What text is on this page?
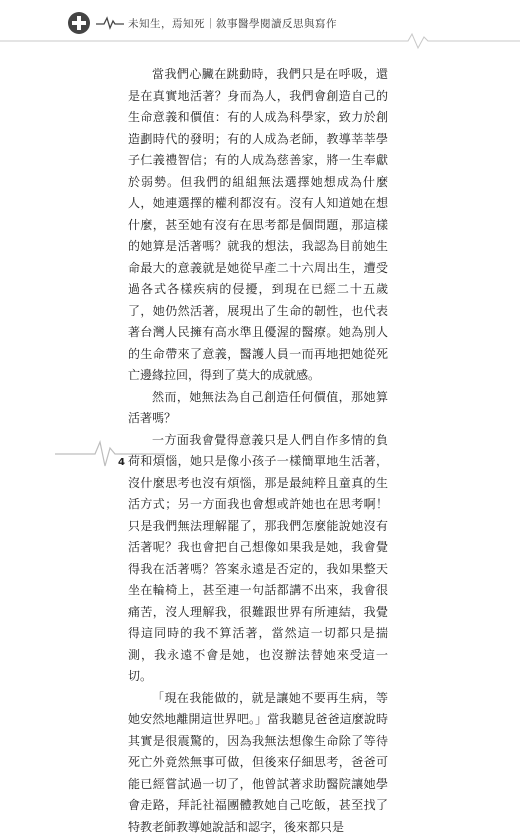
未知生，焉知死｜敘事醫學閱讀反思與寫作

當我們心臟在跳動時，我們只是在呼吸，還是在真實地活著？身而為人，我們會創造自己的生命意義和價值：有的人成為科學家，致力於創造劃時代的發明；有的人成為老師，教導莘莘學子仁義禮智信；有的人成為慈善家，將一生奉獻於弱勢。但我們的組組無法選擇她想成為什麼人，她連選擇的權利都沒有。沒有人知道她在想什麼，甚至她有沒有在思考都是個問題，那這樣的她算是活著嗎？就我的想法，我認為目前她生命最大的意義就是她從早產二十六周出生，遭受過各式各樣疾病的侵擾，到現在已經二十五歲了，她仍然活著，展現出了生命的韌性，也代表著台灣人民擁有高水準且優渥的醫療。她為別人的生命帶來了意義，醫護人員一而再地把她從死亡邊緣拉回，得到了莫大的成就感。

然而，她無法為自己創造任何價值，那她算活著嗎？

一方面我會覺得意義只是人們自作多情的負荷和煩惱，她只是像小孩子一樣簡單地生活著，沒什麼思考也沒有煩惱，那是最純粹且童真的生活方式；另一方面我也會想或許她也在思考啊！只是我們無法理解罷了，那我們怎麼能說她沒有活著呢？我也會把自己想像如果我是她，我會覺得我在活著嗎？答案永遠是否定的，我如果整天坐在輪椅上，甚至連一句話都講不出來，我會很痛苦，沒人理解我，很難跟世界有所連結，我覺得這同時的我不算活著，當然這一切都只是揣測，我永遠不會是她，也沒辦法替她來受這一切。

「現在我能做的，就是讓她不要再生病，等她安然地離開這世界吧。」當我聽見爸爸這麼說時其實是很震驚的，因為我無法想像生命除了等待死亡外竟然無事可做，但後來仔細思考，爸爸可能已經嘗試過一切了，他曾試著求助醫院讓她學會走路，拜託社福團體教她自己吃飯，甚至找了特教老師教導她說話和認字，後來都只是

4
